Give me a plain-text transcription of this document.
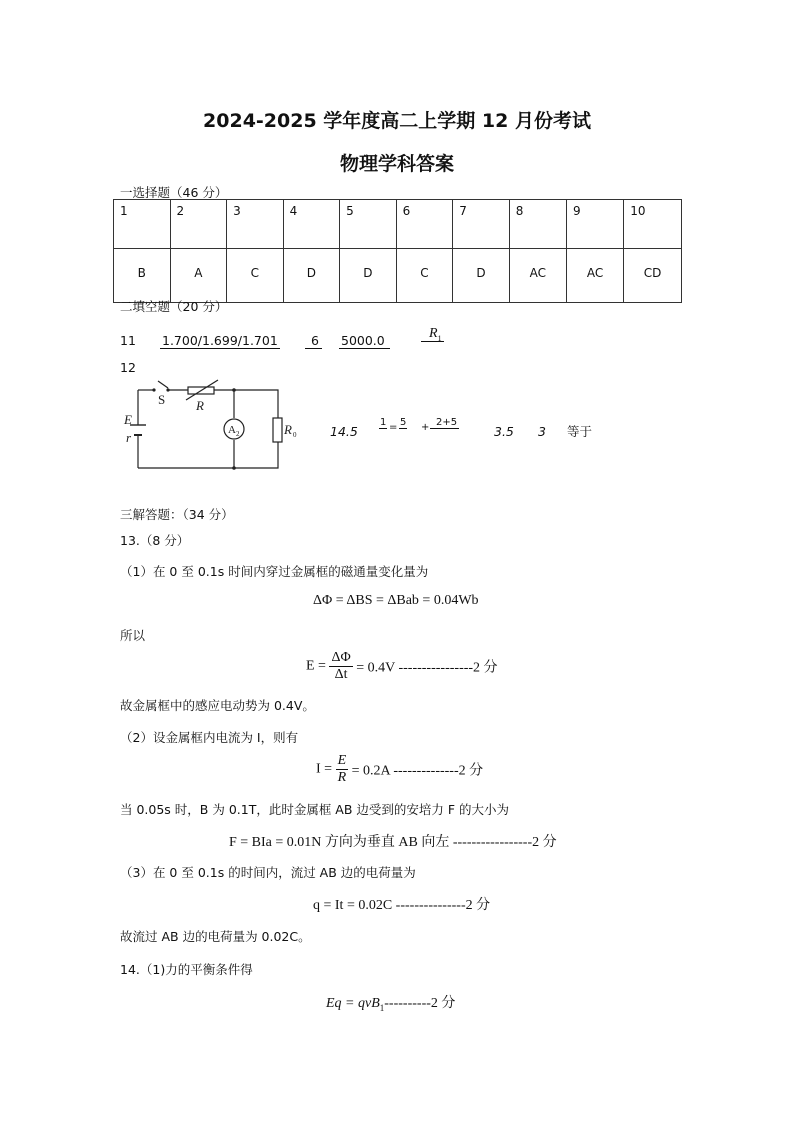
2024-2025 学年度高二上学期 12 月份考试
物理学科答案
一选择题（46 分）
1	2	3	4	5	6	7	8	9	10
B	A	C	D	D	C	D	AC	AC	CD
二填空题（20 分）
11 1.700/1.699/1.701	6 5000.0	$R_1$
12
S R
E
r	A 2	R 0	14.5
1 = 5 + 2+5
3.5 3 等于
三解答题：（34 分）
13.（8 分）
（1）在 0 至 0.1s 时间内穿过金属框的磁通量变化量为
ΔΦ = ΔBS = ΔBab = 0.04Wb
所以
$E = \frac{\Delta\Phi}{\Delta t} = 0.4V$ ----------------2 分
故金属框中的感应电动势为 0.4V。
（2）设金属框内电流为 I，则有
$I = \frac{E}{R} = 0.2A$ --------------2 分
当 0.05s 时，B 为 0.1T，此时金属框 AB 边受到的安培力 F 的大小为
F = BIa = 0.01N 方向为垂直 AB 向左 -----------------2 分
（3）在 0 至 0.1s 的时间内，流过 AB 边的电荷量为
q = It = 0.02C ---------------2 分
故流过 AB 边的电荷量为 0.02C。
14.（1)力的平衡条件得
Eq = qvB$_1$----------2 分
